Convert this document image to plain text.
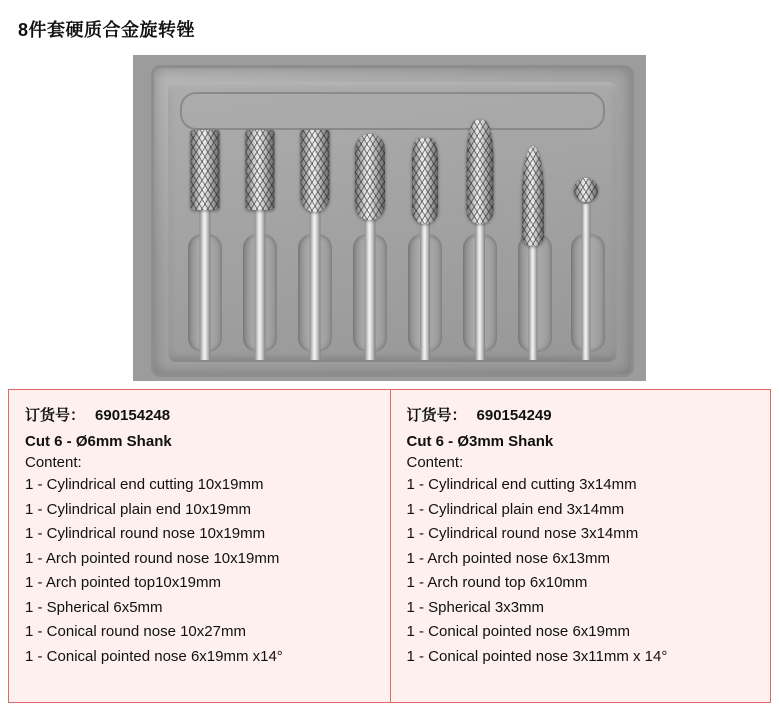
8件套硬质合金旋转锉

订货号： 690154248

Cut 6 - Ø6mm Shank

Content:

1 - Cylindrical end cutting 10x19mm
1 - Cylindrical plain end 10x19mm
1 - Cylindrical round nose 10x19mm
1 - Arch pointed round nose 10x19mm
1 - Arch pointed top10x19mm
1 - Spherical 6x5mm
1 - Conical round nose 10x27mm
1 - Conical pointed nose 6x19mm x14°

订货号： 690154249

Cut 6 - Ø3mm Shank

Content:

1 - Cylindrical end cutting 3x14mm
1 - Cylindrical plain end 3x14mm
1 - Cylindrical round nose 3x14mm
1 - Arch pointed nose 6x13mm
1 - Arch round top 6x10mm
1 - Spherical 3x3mm
1 - Conical pointed nose 6x19mm
1 - Conical pointed nose 3x11mm x 14°
